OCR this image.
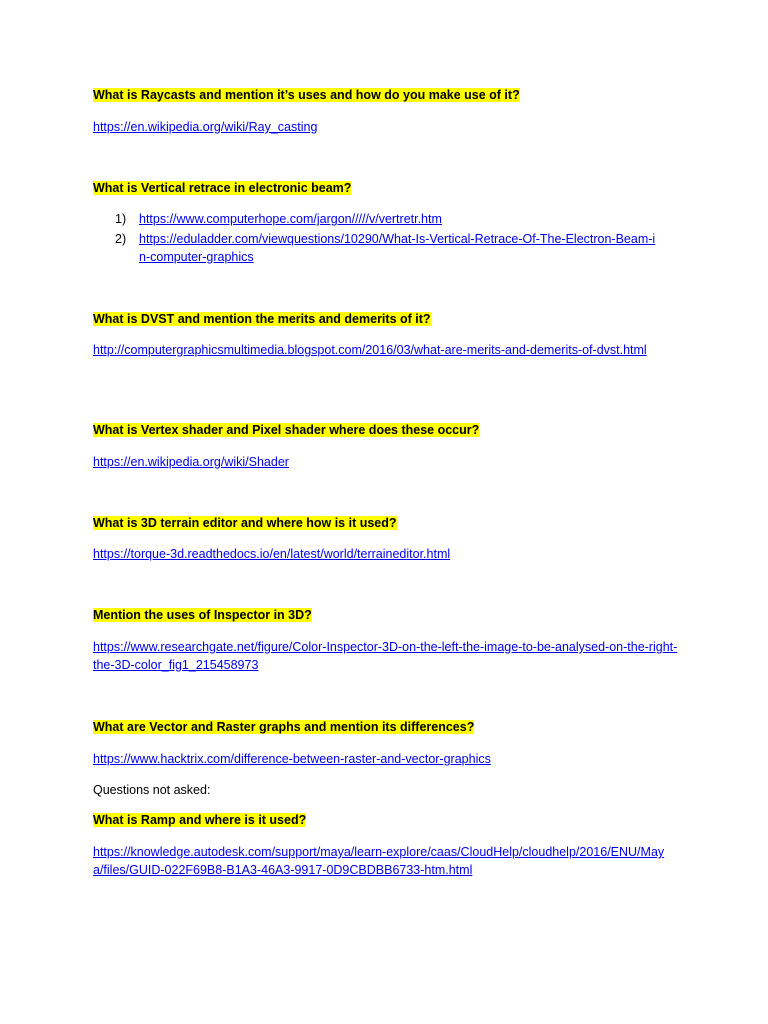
What is Raycasts and mention it’s uses and how do you make use of it?
https://en.wikipedia.org/wiki/Ray_casting
What is Vertical retrace in electronic beam?
1) https://www.computerhope.com/jargon/////v/vertretr.htm
2) https://eduladder.com/viewquestions/10290/What-Is-Vertical-Retrace-Of-The-Electron-Beam-in-computer-graphics
What is DVST and mention the merits and demerits of it?
http://computergraphicsmultimedia.blogspot.com/2016/03/what-are-merits-and-demerits-of-dvst.html
What is Vertex shader and Pixel shader where does these occur?
https://en.wikipedia.org/wiki/Shader
What is 3D terrain editor and where how is it used?
https://torque-3d.readthedocs.io/en/latest/world/terraineditor.html
Mention the uses of Inspector in 3D?
https://www.researchgate.net/figure/Color-Inspector-3D-on-the-left-the-image-to-be-analysed-on-the-right-the-3D-color_fig1_215458973
What are Vector and Raster graphs and mention its differences?
https://www.hacktrix.com/difference-between-raster-and-vector-graphics
Questions not asked:
What is Ramp and where is it used?
https://knowledge.autodesk.com/support/maya/learn-explore/caas/CloudHelp/cloudhelp/2016/ENU/Maya/files/GUID-022F69B8-B1A3-46A3-9917-0D9CBDBB6733-htm.html
